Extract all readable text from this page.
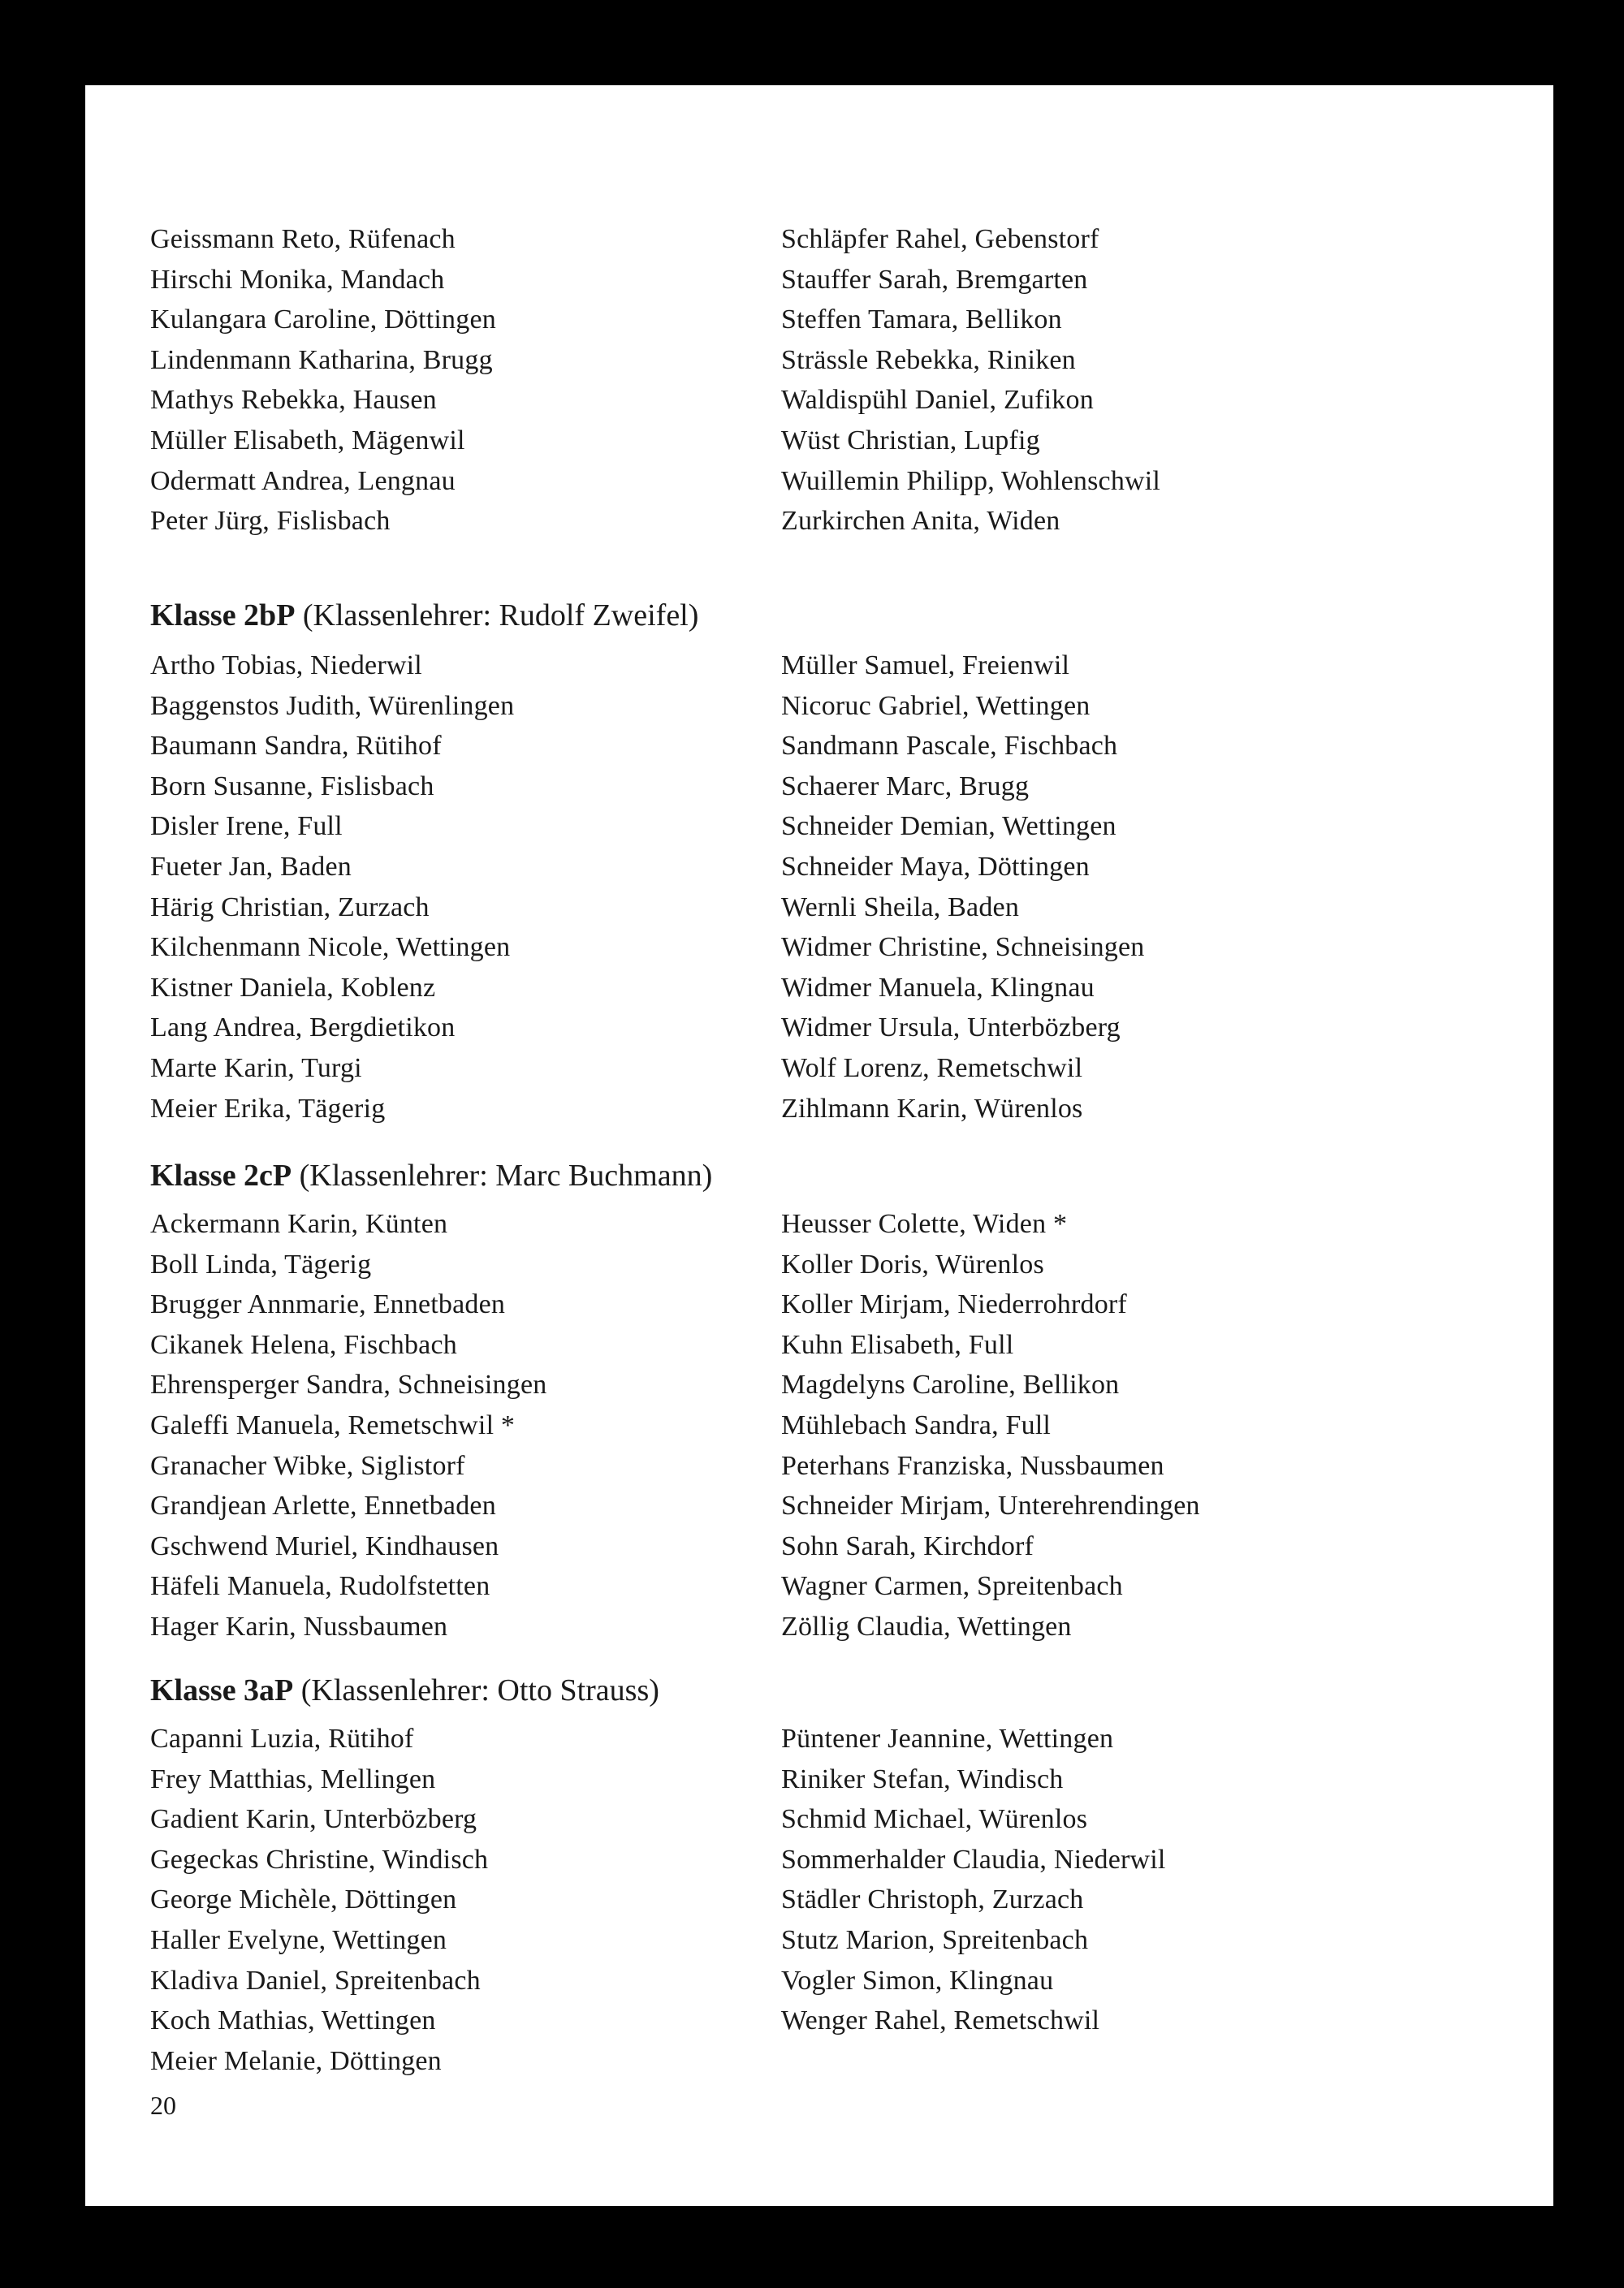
Geissmann Reto, Rüfenach
Hirschi Monika, Mandach
Kulangara Caroline, Döttingen
Lindenmann Katharina, Brugg
Mathys Rebekka, Hausen
Müller Elisabeth, Mägenwil
Odermatt Andrea, Lengnau
Peter Jürg, Fislisbach
Schläpfer Rahel, Gebenstorf
Stauffer Sarah, Bremgarten
Steffen Tamara, Bellikon
Strässle Rebekka, Riniken
Waldispühl Daniel, Zufikon
Wüst Christian, Lupfig
Wuillemin Philipp, Wohlenschwil
Zurkirchen Anita, Widen
Klasse 2bP (Klassenlehrer: Rudolf Zweifel)
Artho Tobias, Niederwil
Baggenstos Judith, Würenlingen
Baumann Sandra, Rütihof
Born Susanne, Fislisbach
Disler Irene, Full
Fueter Jan, Baden
Härig Christian, Zurzach
Kilchenmann Nicole, Wettingen
Kistner Daniela, Koblenz
Lang Andrea, Bergdietikon
Marte Karin, Turgi
Meier Erika, Tägerig
Müller Samuel, Freienwil
Nicoruc Gabriel, Wettingen
Sandmann Pascale, Fischbach
Schaerer Marc, Brugg
Schneider Demian, Wettingen
Schneider Maya, Döttingen
Wernli Sheila, Baden
Widmer Christine, Schneisingen
Widmer Manuela, Klingnau
Widmer Ursula, Unterbözberg
Wolf Lorenz, Remetschwil
Zihlmann Karin, Würenlos
Klasse 2cP (Klassenlehrer: Marc Buchmann)
Ackermann Karin, Künten
Boll Linda, Tägerig
Brugger Annmarie, Ennetbaden
Cikanek Helena, Fischbach
Ehrensperger Sandra, Schneisingen
Galeffi Manuela, Remetschwil *
Granacher Wibke, Siglistorf
Grandjean Arlette, Ennetbaden
Gschwend Muriel, Kindhausen
Häfeli Manuela, Rudolfstetten
Hager Karin, Nussbaumen
Heusser Colette, Widen *
Koller Doris, Würenlos
Koller Mirjam, Niederrohrdorf
Kuhn Elisabeth, Full
Magdelyns Caroline, Bellikon
Mühlebach Sandra, Full
Peterhans Franziska, Nussbaumen
Schneider Mirjam, Unterehrendingen
Sohn Sarah, Kirchdorf
Wagner Carmen, Spreitenbach
Zöllig Claudia, Wettingen
Klasse 3aP (Klassenlehrer: Otto Strauss)
Capanni Luzia, Rütihof
Frey Matthias, Mellingen
Gadient Karin, Unterbözberg
Gegeckas Christine, Windisch
George Michèle, Döttingen
Haller Evelyne, Wettingen
Kladiva Daniel, Spreitenbach
Koch Mathias, Wettingen
Meier Melanie, Döttingen
Püntener Jeannine, Wettingen
Riniker Stefan, Windisch
Schmid Michael, Würenlos
Sommerhalder Claudia, Niederwil
Städler Christoph, Zurzach
Stutz Marion, Spreitenbach
Vogler Simon, Klingnau
Wenger Rahel, Remetschwil
20
